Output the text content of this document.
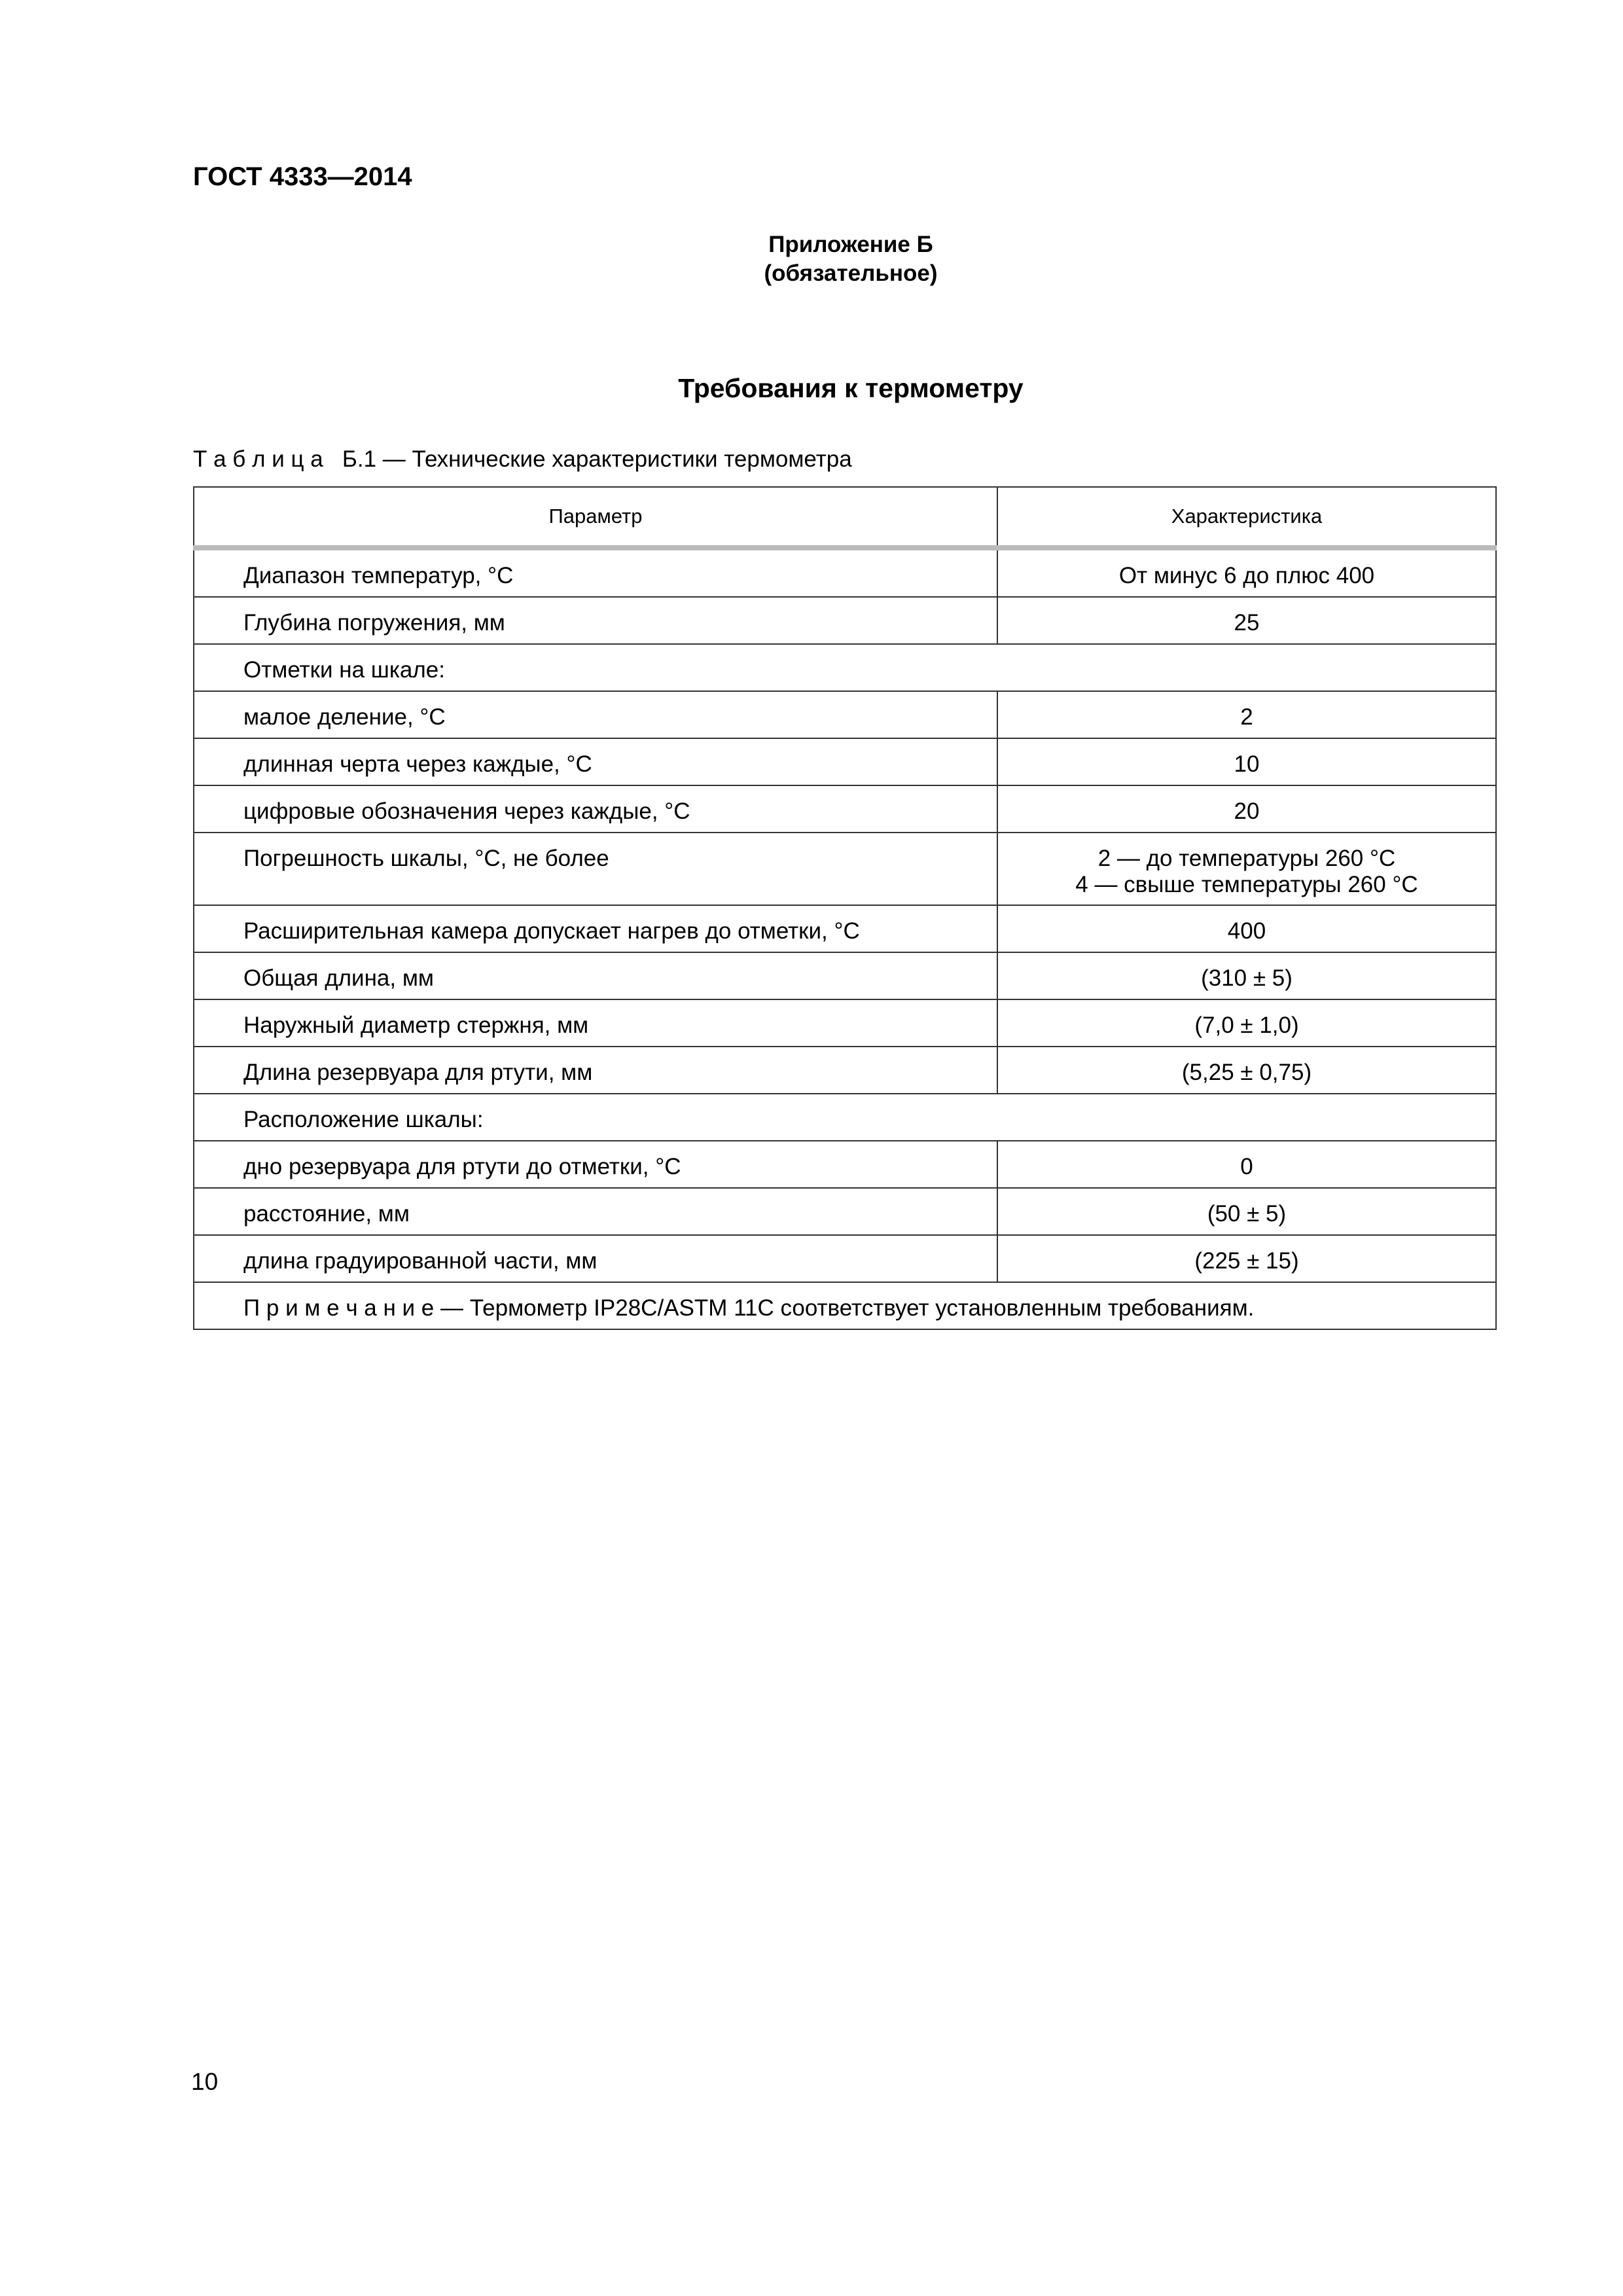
ГОСТ 4333—2014
Приложение Б
(обязательное)
Требования к термометру
Т а б л и ц а Б.1 — Технические характеристики термометра
Параметр	Характеристика
Диапазон температур, °С	От минус 6 до плюс 400
Глубина погружения, мм	25
Отметки на шкале:	
малое деление, °С	2
длинная черта через каждые, °С	10
цифровые обозначения через каждые, °С	20
Погрешность шкалы, °С, не более	2 — до температуры 260 °С
4 — свыше температуры 260 °С

Расширительная камера допускает нагрев до отметки, °С	400
Общая длина, мм	(310 ± 5)
Наружный диаметр стержня, мм	(7,0 ± 1,0)
Длина резервуара для ртути, мм	(5,25 ± 0,75)
Расположение шкалы:	
дно резервуара для ртути до отметки, °С	0
расстояние, мм	(50 ± 5)
длина градуированной части, мм	(225 ± 15)
П р и м е ч а н и е — Термометр IP28C/ASTM 11C соответствует установленным требованиям.	
10
